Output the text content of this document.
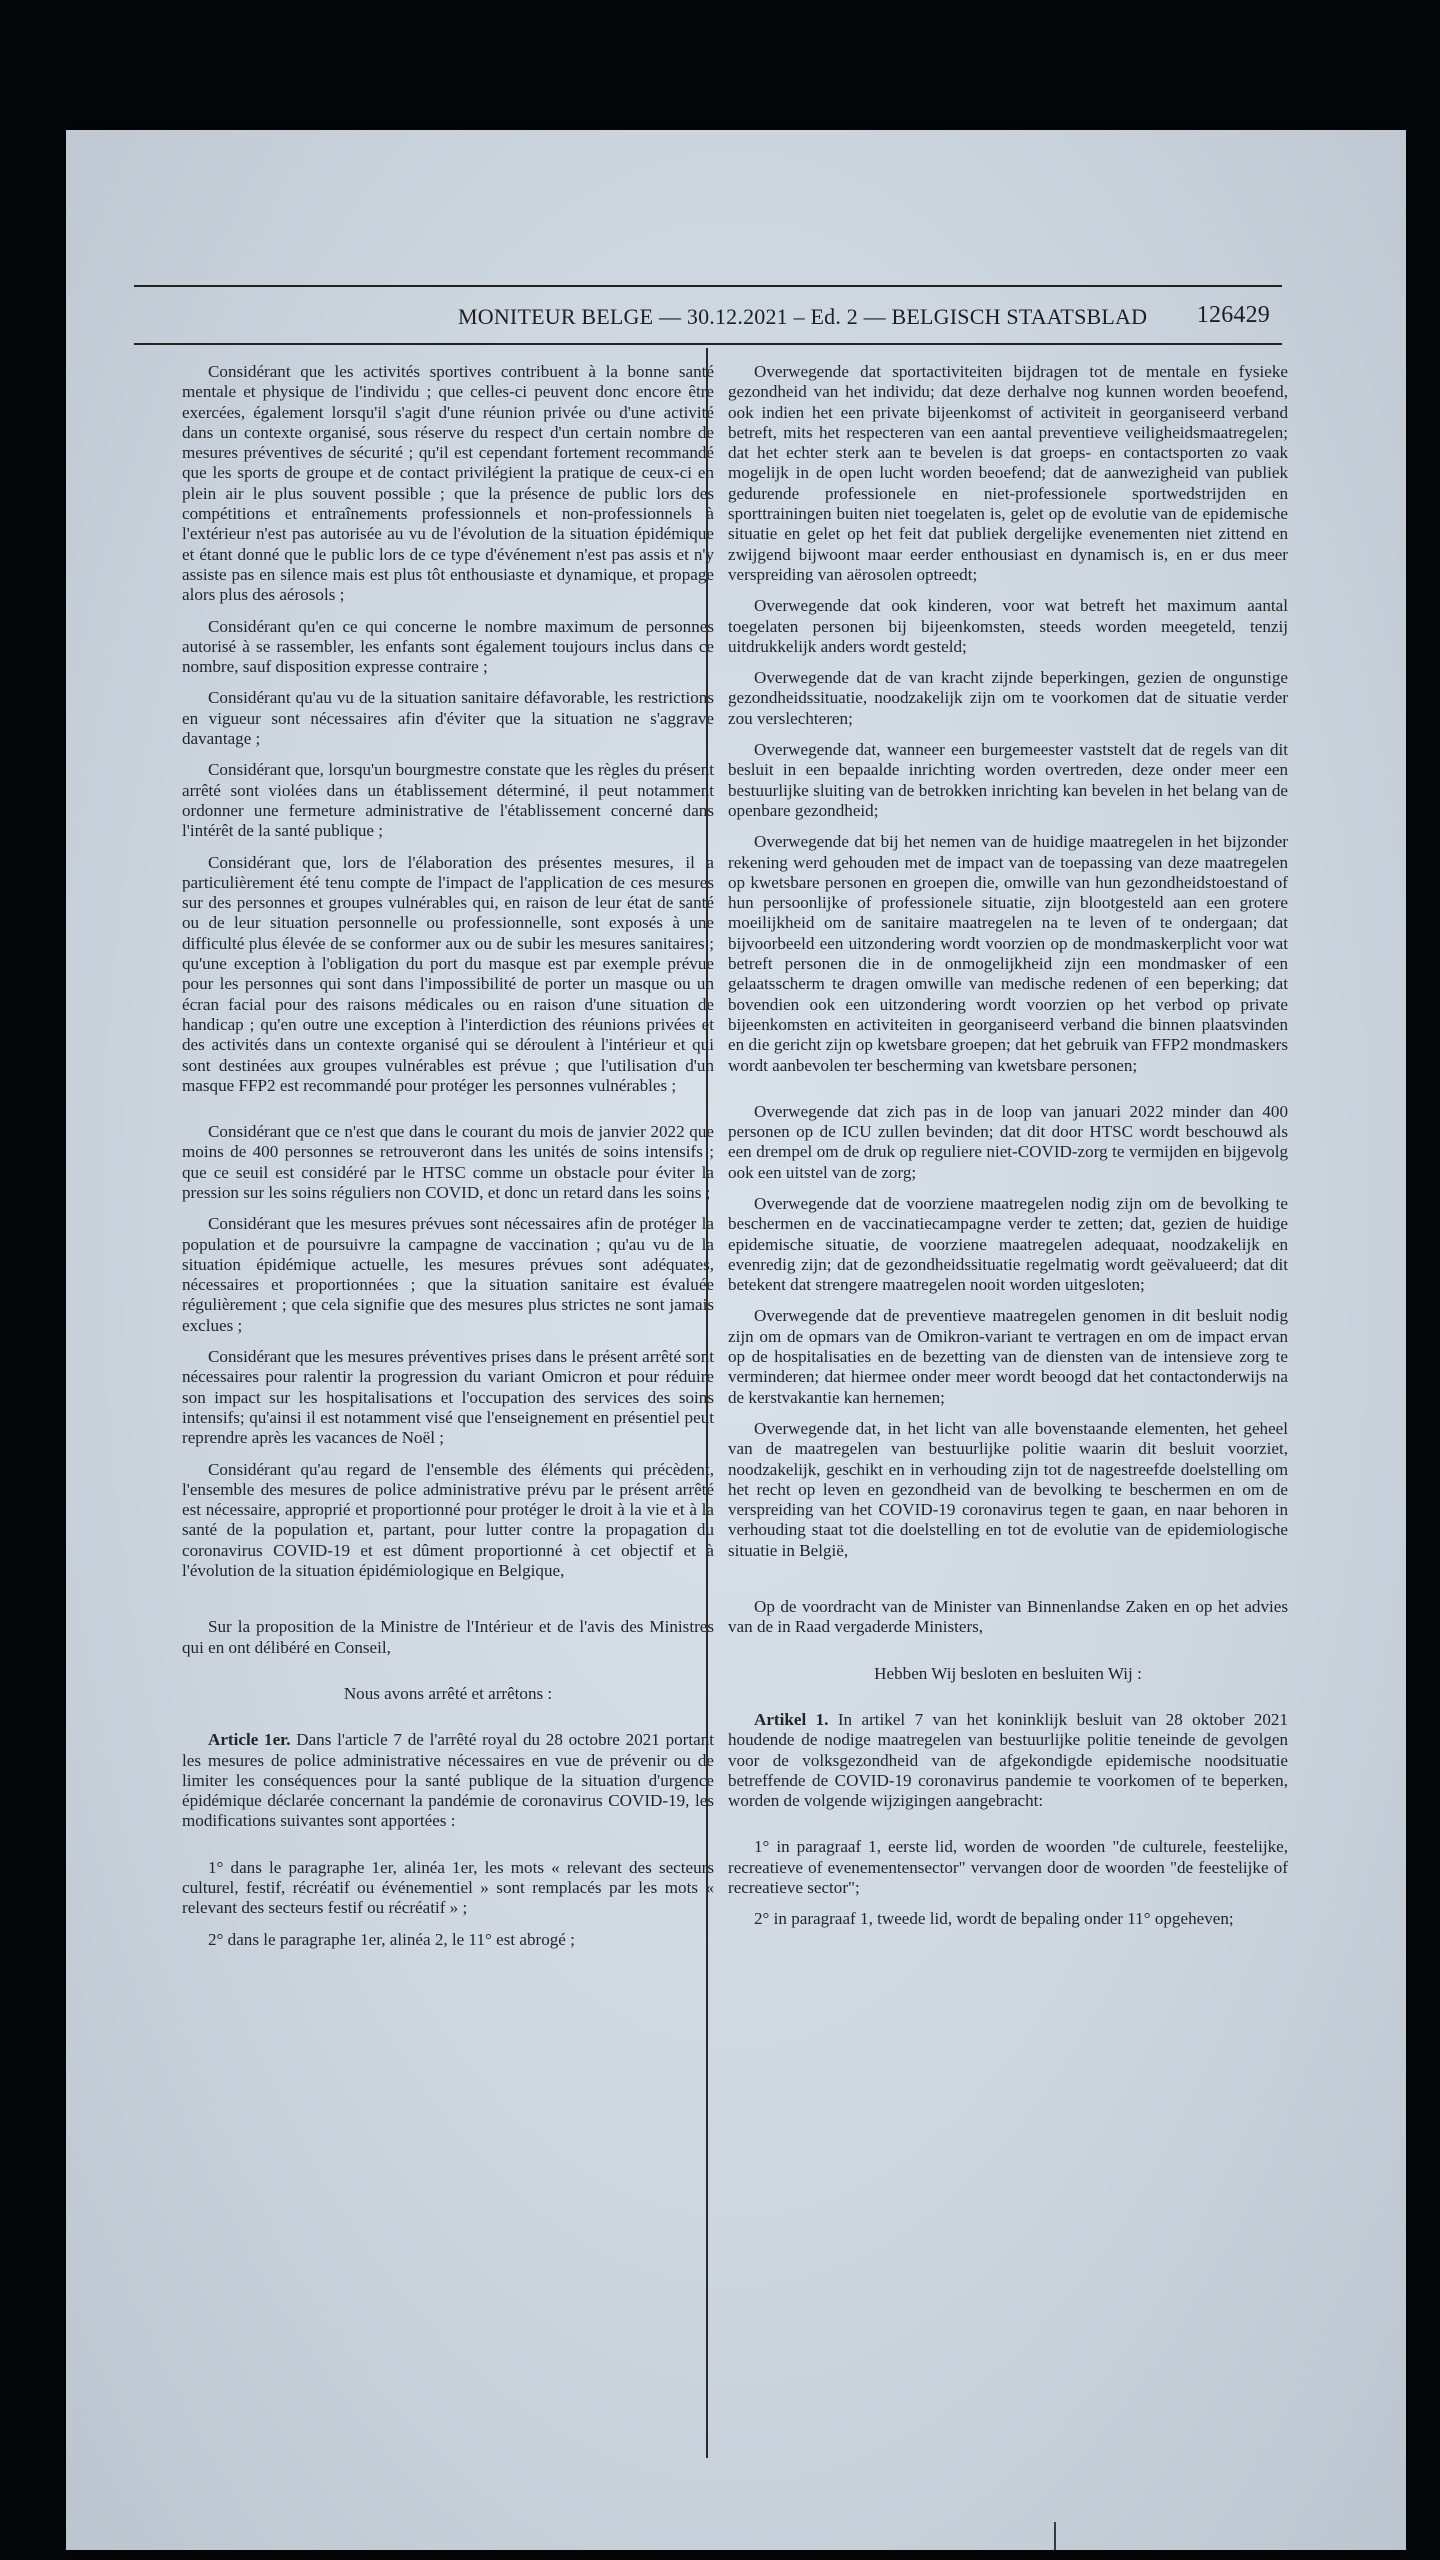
MONITEUR BELGE — 30.12.2021 – Ed. 2 — BELGISCH STAATSBLAD 126429

Considérant que les activités sportives contribuent à la bonne santé mentale et physique de l'individu ; que celles-ci peuvent donc encore être exercées, également lorsqu'il s'agit d'une réunion privée ou d'une activité dans un contexte organisé, sous réserve du respect d'un certain nombre de mesures préventives de sécurité ; qu'il est cependant fortement recommandé que les sports de groupe et de contact privilégient la pratique de ceux-ci en plein air le plus souvent possible ; que la présence de public lors des compétitions et entraînements professionnels et non-professionnels à l'extérieur n'est pas autorisée au vu de l'évolution de la situation épidémique et étant donné que le public lors de ce type d'événement n'est pas assis et n'y assiste pas en silence mais est plus tôt enthousiaste et dynamique, et propage alors plus des aérosols ;

Considérant qu'en ce qui concerne le nombre maximum de personnes autorisé à se rassembler, les enfants sont également toujours inclus dans ce nombre, sauf disposition expresse contraire ;

Considérant qu'au vu de la situation sanitaire défavorable, les restrictions en vigueur sont nécessaires afin d'éviter que la situation ne s'aggrave davantage ;

Considérant que, lorsqu'un bourgmestre constate que les règles du présent arrêté sont violées dans un établissement déterminé, il peut notamment ordonner une fermeture administrative de l'établissement concerné dans l'intérêt de la santé publique ;

Considérant que, lors de l'élaboration des présentes mesures, il a particulièrement été tenu compte de l'impact de l'application de ces mesures sur des personnes et groupes vulnérables qui, en raison de leur état de santé ou de leur situation personnelle ou professionnelle, sont exposés à une difficulté plus élevée de se conformer aux ou de subir les mesures sanitaires ; qu'une exception à l'obligation du port du masque est par exemple prévue pour les personnes qui sont dans l'impossibilité de porter un masque ou un écran facial pour des raisons médicales ou en raison d'une situation de handicap ; qu'en outre une exception à l'interdiction des réunions privées et des activités dans un contexte organisé qui se déroulent à l'intérieur et qui sont destinées aux groupes vulnérables est prévue ; que l'utilisation d'un masque FFP2 est recommandé pour protéger les personnes vulnérables ;

Considérant que ce n'est que dans le courant du mois de janvier 2022 que moins de 400 personnes se retrouveront dans les unités de soins intensifs ; que ce seuil est considéré par le HTSC comme un obstacle pour éviter la pression sur les soins réguliers non COVID, et donc un retard dans les soins ;

Considérant que les mesures prévues sont nécessaires afin de protéger la population et de poursuivre la campagne de vaccination ; qu'au vu de la situation épidémique actuelle, les mesures prévues sont adéquates, nécessaires et proportionnées ; que la situation sanitaire est évaluée régulièrement ; que cela signifie que des mesures plus strictes ne sont jamais exclues ;

Considérant que les mesures préventives prises dans le présent arrêté sont nécessaires pour ralentir la progression du variant Omicron et pour réduire son impact sur les hospitalisations et l'occupation des services des soins intensifs; qu'ainsi il est notamment visé que l'enseignement en présentiel peut reprendre après les vacances de Noël ;

Considérant qu'au regard de l'ensemble des éléments qui précèdent, l'ensemble des mesures de police administrative prévu par le présent arrêté est nécessaire, approprié et proportionné pour protéger le droit à la vie et à la santé de la population et, partant, pour lutter contre la propagation du coronavirus COVID-19 et est dûment proportionné à cet objectif et à l'évolution de la situation épidémiologique en Belgique,

Sur la proposition de la Ministre de l'Intérieur et de l'avis des Ministres qui en ont délibéré en Conseil,

Nous avons arrêté et arrêtons :

Article 1er. Dans l'article 7 de l'arrêté royal du 28 octobre 2021 portant les mesures de police administrative nécessaires en vue de prévenir ou de limiter les conséquences pour la santé publique de la situation d'urgence épidémique déclarée concernant la pandémie de coronavirus COVID-19, les modifications suivantes sont apportées :

1° dans le paragraphe 1er, alinéa 1er, les mots « relevant des secteurs culturel, festif, récréatif ou événementiel » sont remplacés par les mots « relevant des secteurs festif ou récréatif » ;

2° dans le paragraphe 1er, alinéa 2, le 11° est abrogé ;

Overwegende dat sportactiviteiten bijdragen tot de mentale en fysieke gezondheid van het individu; dat deze derhalve nog kunnen worden beoefend, ook indien het een private bijeenkomst of activiteit in georganiseerd verband betreft, mits het respecteren van een aantal preventieve veiligheidsmaatregelen; dat het echter sterk aan te bevelen is dat groeps- en contactsporten zo vaak mogelijk in de open lucht worden beoefend; dat de aanwezigheid van publiek gedurende professionele en niet-professionele sportwedstrijden en sporttrainingen buiten niet toegelaten is, gelet op de evolutie van de epidemische situatie en gelet op het feit dat publiek dergelijke evenementen niet zittend en zwijgend bijwoont maar eerder enthousiast en dynamisch is, en er dus meer verspreiding van aërosolen optreedt;

Overwegende dat ook kinderen, voor wat betreft het maximum aantal toegelaten personen bij bijeenkomsten, steeds worden meegeteld, tenzij uitdrukkelijk anders wordt gesteld;

Overwegende dat de van kracht zijnde beperkingen, gezien de ongunstige gezondheidssituatie, noodzakelijk zijn om te voorkomen dat de situatie verder zou verslechteren;

Overwegende dat, wanneer een burgemeester vaststelt dat de regels van dit besluit in een bepaalde inrichting worden overtreden, deze onder meer een bestuurlijke sluiting van de betrokken inrichting kan bevelen in het belang van de openbare gezondheid;

Overwegende dat bij het nemen van de huidige maatregelen in het bijzonder rekening werd gehouden met de impact van de toepassing van deze maatregelen op kwetsbare personen en groepen die, omwille van hun gezondheidstoestand of hun persoonlijke of professionele situatie, zijn blootgesteld aan een grotere moeilijkheid om de sanitaire maatregelen na te leven of te ondergaan; dat bijvoorbeeld een uitzondering wordt voorzien op de mondmaskerplicht voor wat betreft personen die in de onmogelijkheid zijn een mondmasker of een gelaatsscherm te dragen omwille van medische redenen of een beperking; dat bovendien ook een uitzondering wordt voorzien op het verbod op private bijeenkomsten en activiteiten in georganiseerd verband die binnen plaatsvinden en die gericht zijn op kwetsbare groepen; dat het gebruik van FFP2 mondmaskers wordt aanbevolen ter bescherming van kwetsbare personen;

Overwegende dat zich pas in de loop van januari 2022 minder dan 400 personen op de ICU zullen bevinden; dat dit door HTSC wordt beschouwd als een drempel om de druk op reguliere niet-COVID-zorg te vermijden en bijgevolg ook een uitstel van de zorg;

Overwegende dat de voorziene maatregelen nodig zijn om de bevolking te beschermen en de vaccinatiecampagne verder te zetten; dat, gezien de huidige epidemische situatie, de voorziene maatregelen adequaat, noodzakelijk en evenredig zijn; dat de gezondheidssituatie regelmatig wordt geëvalueerd; dat dit betekent dat strengere maatregelen nooit worden uitgesloten;

Overwegende dat de preventieve maatregelen genomen in dit besluit nodig zijn om de opmars van de Omikron-variant te vertragen en om de impact ervan op de hospitalisaties en de bezetting van de diensten van de intensieve zorg te verminderen; dat hiermee onder meer wordt beoogd dat het contactonderwijs na de kerstvakantie kan hernemen;

Overwegende dat, in het licht van alle bovenstaande elementen, het geheel van de maatregelen van bestuurlijke politie waarin dit besluit voorziet, noodzakelijk, geschikt en in verhouding zijn tot de nagestreefde doelstelling om het recht op leven en gezondheid van de bevolking te beschermen en om de verspreiding van het COVID-19 coronavirus tegen te gaan, en naar behoren in verhouding staat tot die doelstelling en tot de evolutie van de epidemiologische situatie in België,

Op de voordracht van de Minister van Binnenlandse Zaken en op het advies van de in Raad vergaderde Ministers,

Hebben Wij besloten en besluiten Wij :

Artikel 1. In artikel 7 van het koninklijk besluit van 28 oktober 2021 houdende de nodige maatregelen van bestuurlijke politie teneinde de gevolgen voor de volksgezondheid van de afgekondigde epidemische noodsituatie betreffende de COVID-19 coronavirus pandemie te voorkomen of te beperken, worden de volgende wijzigingen aangebracht:

1° in paragraaf 1, eerste lid, worden de woorden "de culturele, feestelijke, recreatieve of evenementensector" vervangen door de woorden "de feestelijke of recreatieve sector";

2° in paragraaf 1, tweede lid, wordt de bepaling onder 11° opgeheven;
